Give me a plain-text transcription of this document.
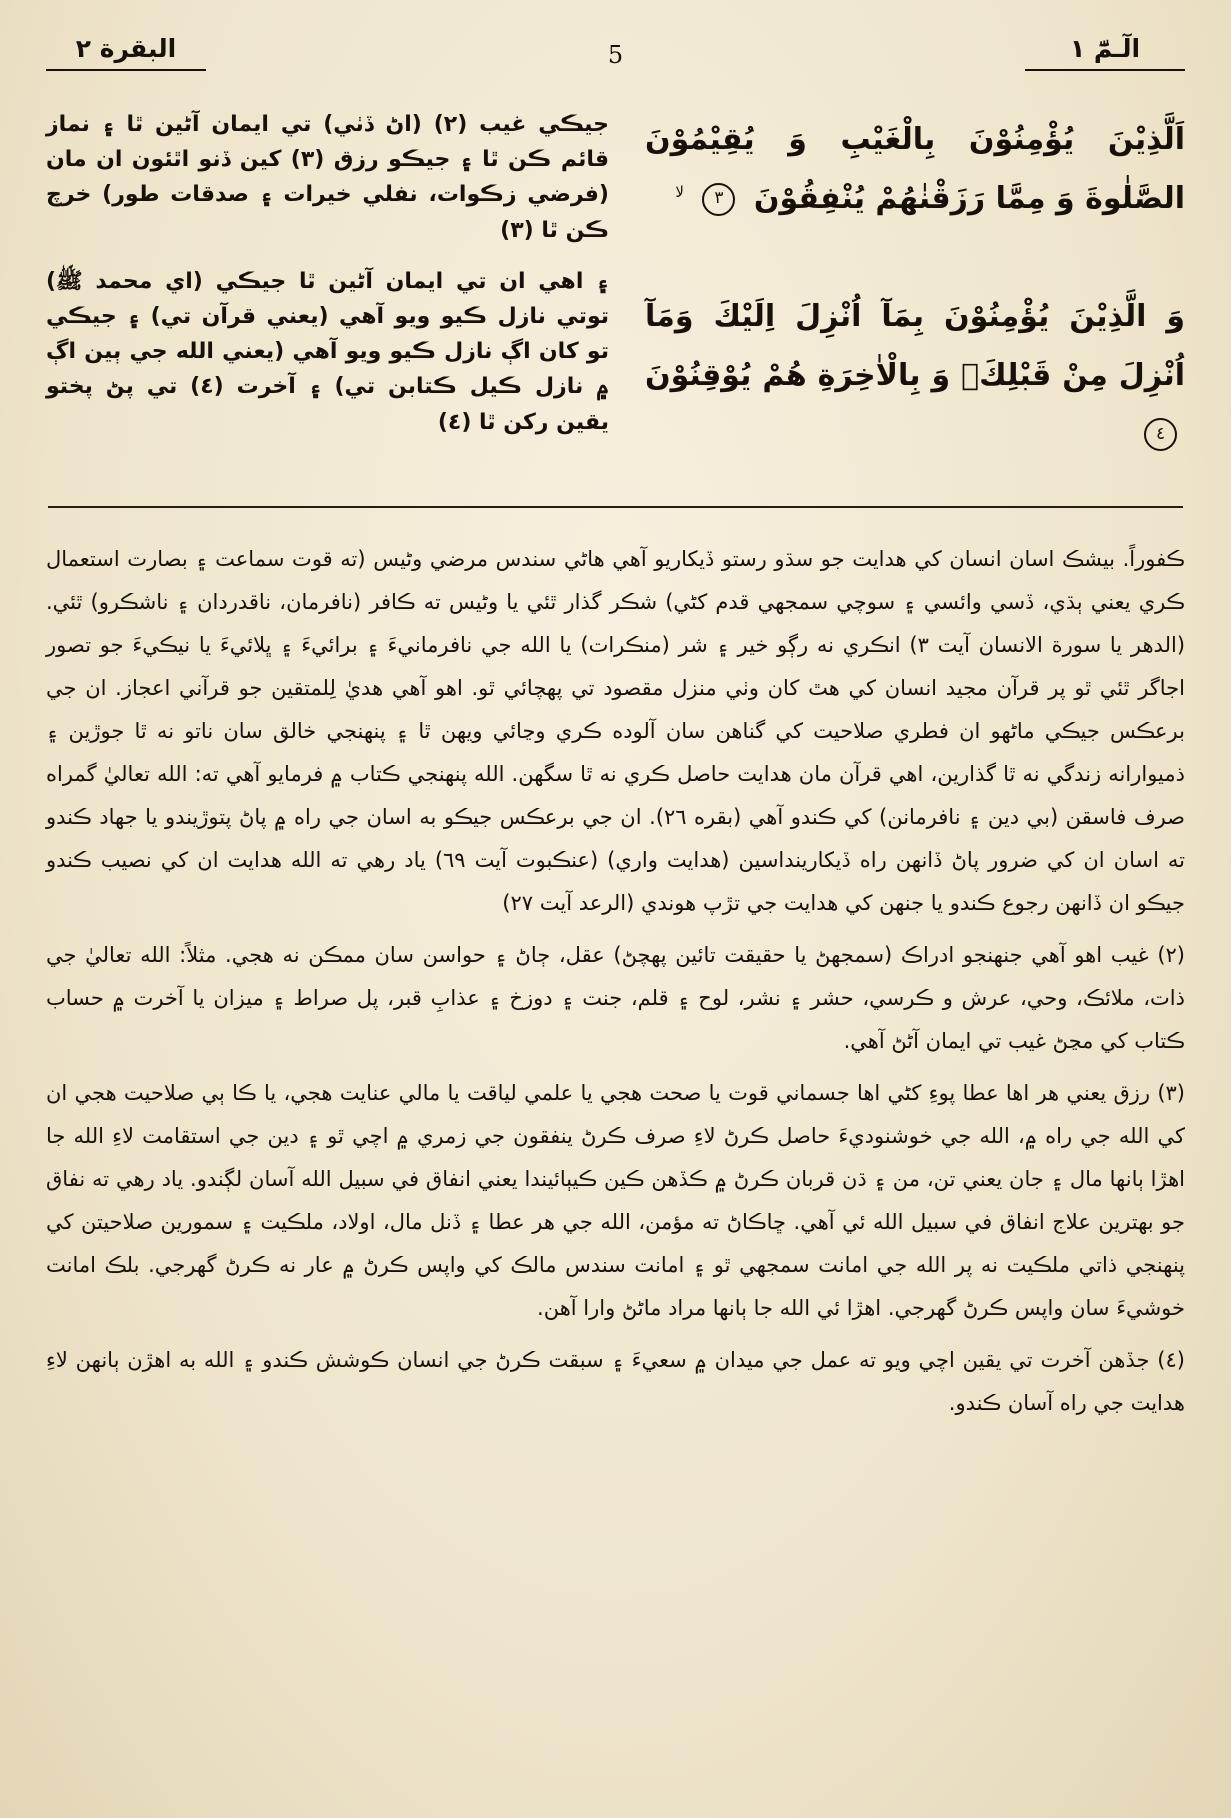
الٓـمّٓ ١
5
البقرة ٢

اَلَّذِيْنَ يُؤْمِنُوْنَ بِالْغَيْبِ وَ يُقِيْمُوْنَ الصَّلٰوةَ وَ مِمَّا رَزَقْنٰهُمْ يُنْفِقُوْنَ ٣ $^{لا}$

وَ الَّذِيْنَ يُؤْمِنُوْنَ بِمَآ اُنْزِلَ اِلَيْكَ وَمَآ اُنْزِلَ مِنْ قَبْلِكَۚ وَ بِالْاٰخِرَةِ هُمْ يُوْقِنُوْنَ ٤

جيڪي غيب (٢) (اڻ ڏٺي) تي ايمان آڻين ٿا ۽ نماز قائم ڪن ٿا ۽ جيڪو رزق (٣) کين ڏنو اٿئون ان مان (فرضي زڪوات، نفلي خيرات ۽ صدقات طور) خرچ ڪن ٿا (٣)

۽ اهي ان تي ايمان آڻين ٿا جيڪي (اي محمد ﷺ) توتي نازل ڪيو ويو آهي (يعني قرآن تي) ۽ جيڪي تو کان اڳ نازل ڪيو ويو آهي (يعني الله جي ٻين اڳ ۾ نازل ڪيل ڪتابن تي) ۽ آخرت (٤) تي پڻ پختو يقين رکن ٿا (٤)

ڪفوراً. بيشڪ اسان انسان کي هدايت جو سڌو رستو ڏيکاريو آهي هاڻي سندس مرضي وڻيس (ته قوت سماعت ۽ بصارت استعمال ڪري يعني ٻڌي، ڏسي وائسي ۽ سوچي سمجهي قدم کڻي) شڪر گذار ٿئي يا وڻيس ته ڪافر (نافرمان، ناقدردان ۽ ناشڪرو) ٿئي. (الدهر يا سورة الانسان آيت ٣) انڪري نه رڳو خير ۽ شر (منڪرات) يا الله جي نافرمانيءَ ۽ برائيءَ ۽ ڀلائيءَ يا نيڪيءَ جو تصور اجاگر ٿئي ٿو پر قرآن مجيد انسان کي هٿ کان وٺي منزل مقصود تي پهچائي ٿو. اهو آهي هديٰ لِلمتقين جو قرآني اعجاز. ان جي برعڪس جيڪي ماڻهو ان فطري صلاحيت کي گناهن سان آلوده ڪري وڃائي ويهن ٿا ۽ پنهنجي خالق سان ناتو نه ٿا جوڙين ۽ ذميوارانه زندگي نه ٿا گذارين، اهي قرآن مان هدايت حاصل ڪري نه ٿا سگهن. الله پنهنجي ڪتاب ۾ فرمايو آهي ته: الله تعاليٰ گمراه صرف فاسقن (بي دين ۽ نافرمانن) کي ڪندو آهي (بقره ٢٦). ان جي برعڪس جيڪو به اسان جي راه ۾ پاڻ پتوڙيندو يا جهاد ڪندو ته اسان ان کي ضرور پاڻ ڏانهن راه ڏيکارينداسين (هدايت واري) (عنڪبوت آيت ٦٩) ياد رهي ته الله هدايت ان کي نصيب ڪندو جيڪو ان ڏانهن رجوع ڪندو يا جنهن کي هدايت جي تڙپ هوندي (الرعد آيت ٢٧)

(٢) غيب اهو آهي جنهنجو ادراڪ (سمجهڻ يا حقيقت تائين پهچڻ) عقل، ڄاڻ ۽ حواسن سان ممڪن نه هجي. مثلاً: الله تعاليٰ جي ذات، ملائڪ، وحي، عرش و ڪرسي، حشر ۽ نشر، لوح ۽ قلم، جنت ۽ دوزخ ۽ عذابِ قبر، پل صراط ۽ ميزان يا آخرت ۾ حساب ڪتاب کي مڃڻ غيب تي ايمان آڻڻ آهي.

(٣) رزق يعني هر اها عطا پوءِ کڻي اها جسماني قوت يا صحت هجي يا علمي لياقت يا مالي عنايت هجي، يا ڪا ٻي صلاحيت هجي ان کي الله جي راه ۾، الله جي خوشنوديءَ حاصل ڪرڻ لاءِ صرف ڪرڻ ينفقون جي زمري ۾ اچي ٿو ۽ دين جي استقامت لاءِ الله جا اهڙا ٻانها مال ۽ جان يعني تن، من ۽ ڌن قربان ڪرڻ ۾ ڪڏهن ڪين ڪيٻائيندا يعني انفاق في سبيل الله آسان لڳندو. ياد رهي ته نفاق جو بهترين علاج انفاق في سبيل الله ئي آهي. ڇاڪاڻ ته مؤمن، الله جي هر عطا ۽ ڏنل مال، اولاد، ملڪيت ۽ سمورين صلاحيتن کي پنهنجي ذاتي ملڪيت نه پر الله جي امانت سمجهي ٿو ۽ امانت سندس مالڪ کي واپس ڪرڻ ۾ عار نه ڪرڻ گهرجي. بلڪ امانت خوشيءَ سان واپس ڪرڻ گهرجي. اهڙا ئي الله جا ٻانها مراد ماڻڻ وارا آهن.

(٤) جڏهن آخرت تي يقين اچي ويو ته عمل جي ميدان ۾ سعيءَ ۽ سبقت ڪرڻ جي انسان ڪوشش ڪندو ۽ الله به اهڙن ٻانهن لاءِ هدايت جي راه آسان ڪندو.
